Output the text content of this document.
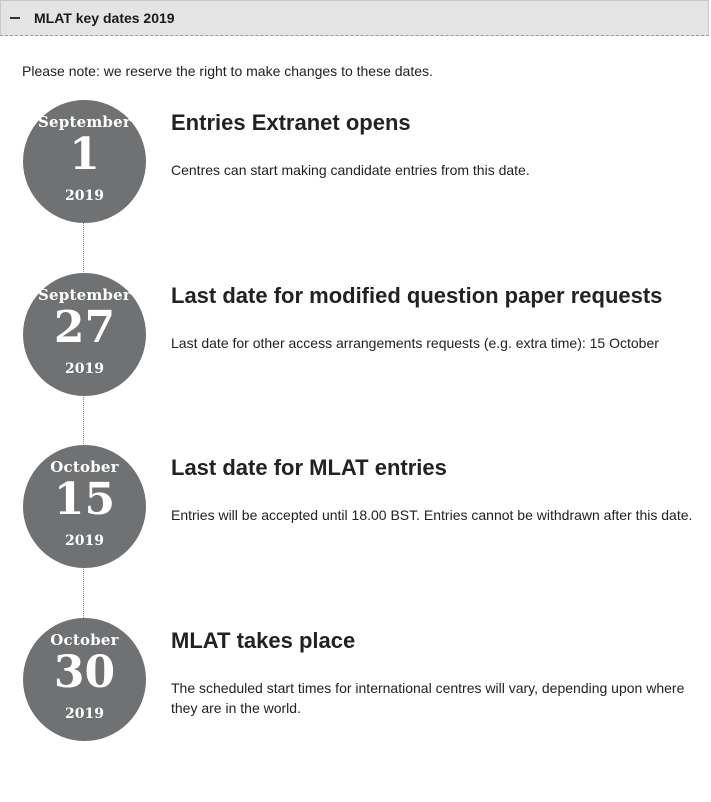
MLAT key dates 2019
Please note: we reserve the right to make changes to these dates.
September
1
2019
Entries Extranet opens
Centres can start making candidate entries from this date.
September
27
2019
Last date for modified question paper requests
Last date for other access arrangements requests (e.g. extra time): 15 October
October
15
2019
Last date for MLAT entries
Entries will be accepted until 18.00 BST. Entries cannot be withdrawn after this date.
October
30
2019
MLAT takes place
The scheduled start times for international centres will vary, depending upon where they are in the world.
